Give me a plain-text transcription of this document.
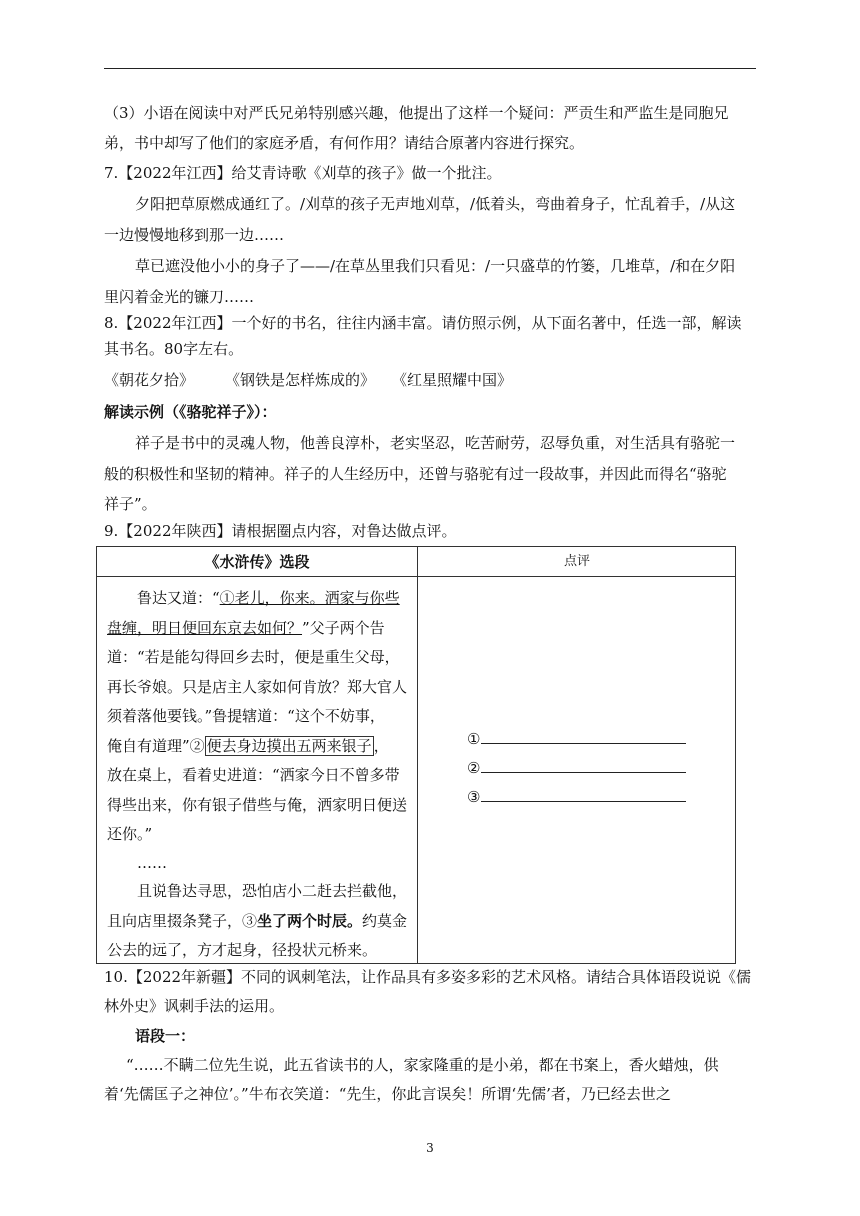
（3）小语在阅读中对严氏兄弟特别感兴趣，他提出了这样一个疑问：严贡生和严监生是同胞兄
弟，书中却写了他们的家庭矛盾，有何作用？请结合原著内容进行探究。
7.【2022年江西】给艾青诗歌《刈草的孩子》做一个批注。
夕阳把草原燃成通红了。/刈草的孩子无声地刈草，/低着头，弯曲着身子，忙乱着手，/从这
一边慢慢地移到那一边……
草已遮没他小小的身子了——/在草丛里我们只看见：/一只盛草的竹篓，几堆草，/和在夕阳
里闪着金光的镰刀……
8.【2022年江西】一个好的书名，往往内涵丰富。请仿照示例，从下面名著中，任选一部，解读
其书名。80字左右。
《朝花夕拾》 《钢铁是怎样炼成的》 《红星照耀中国》
解读示例（《骆驼祥子》）：
祥子是书中的灵魂人物，他善良淳朴，老实坚忍，吃苦耐劳，忍辱负重，对生活具有骆驼一
般的积极性和坚韧的精神。祥子的人生经历中，还曾与骆驼有过一段故事，并因此而得名“骆驼
祥子”。
9.【2022年陕西】请根据圈点内容，对鲁达做点评。
《水浒传》选段	点评
鲁达又道：“①老儿，你来。洒家与你些
盘缠，明日便回东京去如何？”父子两个告
道：“若是能勾得回乡去时，便是重生父母，
再长爷娘。只是店主人家如何肯放？郑大官人
须着落他要钱。”鲁提辖道：“这个不妨事，
俺自有道理”② 便去身边摸出五两来银子 ，
放在桌上，看着史进道：“洒家今日不曾多带
得些出来，你有银子借些与俺，洒家明日便送
还你。”
……
且说鲁达寻思，恐怕店小二赶去拦截他，
且向店里掇条凳子，③坐了两个时辰。约莫金
公去的远了，方才起身，径投状元桥来。
①
②
③
10.【2022年新疆】不同的讽刺笔法，让作品具有多姿多彩的艺术风格。请结合具体语段说说《儒
林外史》讽刺手法的运用。
语段一：
“……不瞒二位先生说，此五省读书的人，家家隆重的是小弟，都在书案上，香火蜡烛，供
着‘先儒匡子之神位’。”牛布衣笑道：“先生，你此言误矣！所谓‘先儒’者，乃已经去世之
3
